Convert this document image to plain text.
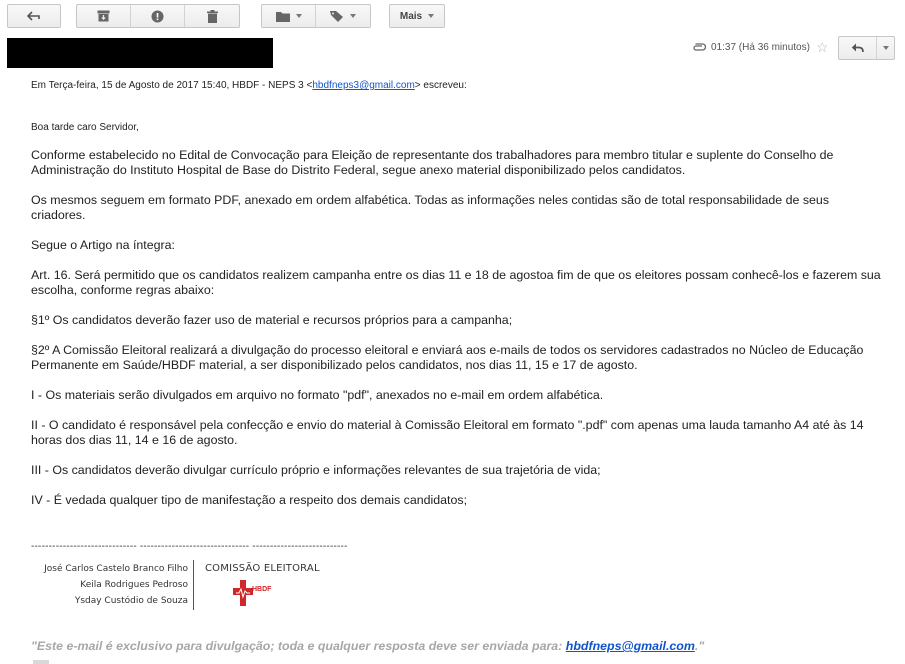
Mais
01:37 (Há 36 minutos) ☆
Em Terça-feira, 15 de Agosto de 2017 15:40, HBDF - NEPS 3 <hbdfneps3@gmail.com> escreveu:
Boa tarde caro Servidor,

Conforme estabelecido no Edital de Convocação para Eleição de representante dos trabalhadores para membro titular e suplente do Conselho de Administração do Instituto Hospital de Base do Distrito Federal, segue anexo material disponibilizado pelos candidatos.

Os mesmos seguem em formato PDF, anexado em ordem alfabética. Todas as informações neles contidas são de total responsabilidade de seus criadores.

Segue o Artigo na íntegra:

Art. 16. Será permitido que os candidatos realizem campanha entre os dias 11 e 18 de agostoa fim de que os eleitores possam conhecê-los e fazerem sua escolha, conforme regras abaixo:

§1º Os candidatos deverão fazer uso de material e recursos próprios para a campanha;

§2º A Comissão Eleitoral realizará a divulgação do processo eleitoral e enviará aos e-mails de todos os servidores cadastrados no Núcleo de Educação Permanente em Saúde/HBDF material, a ser disponibilizado pelos candidatos, nos dias 11, 15 e 17 de agosto.

I - Os materiais serão divulgados em arquivo no formato "pdf", anexados no e-mail em ordem alfabética.

II - O candidato é responsável pela confecção e envio do material à Comissão Eleitoral em formato ".pdf" com apenas uma lauda tamanho A4 até às 14 horas dos dias 11, 14 e 16 de agosto.

III - Os candidatos deverão divulgar currículo próprio e informações relevantes de sua trajetória de vida;

IV - É vedada qualquer tipo de manifestação a respeito dos demais candidatos;

------------------------------ ------------------------------- ---------------------------
José Carlos Castelo Branco Filho
Keila Rodrigues Pedroso
Ysday Custódio de Souza
COMISSÃO ELEITORAL
HBDF
"Este e-mail é exclusivo para divulgação; toda e qualquer resposta deve ser enviada para: hbdfneps@gmail.com."
